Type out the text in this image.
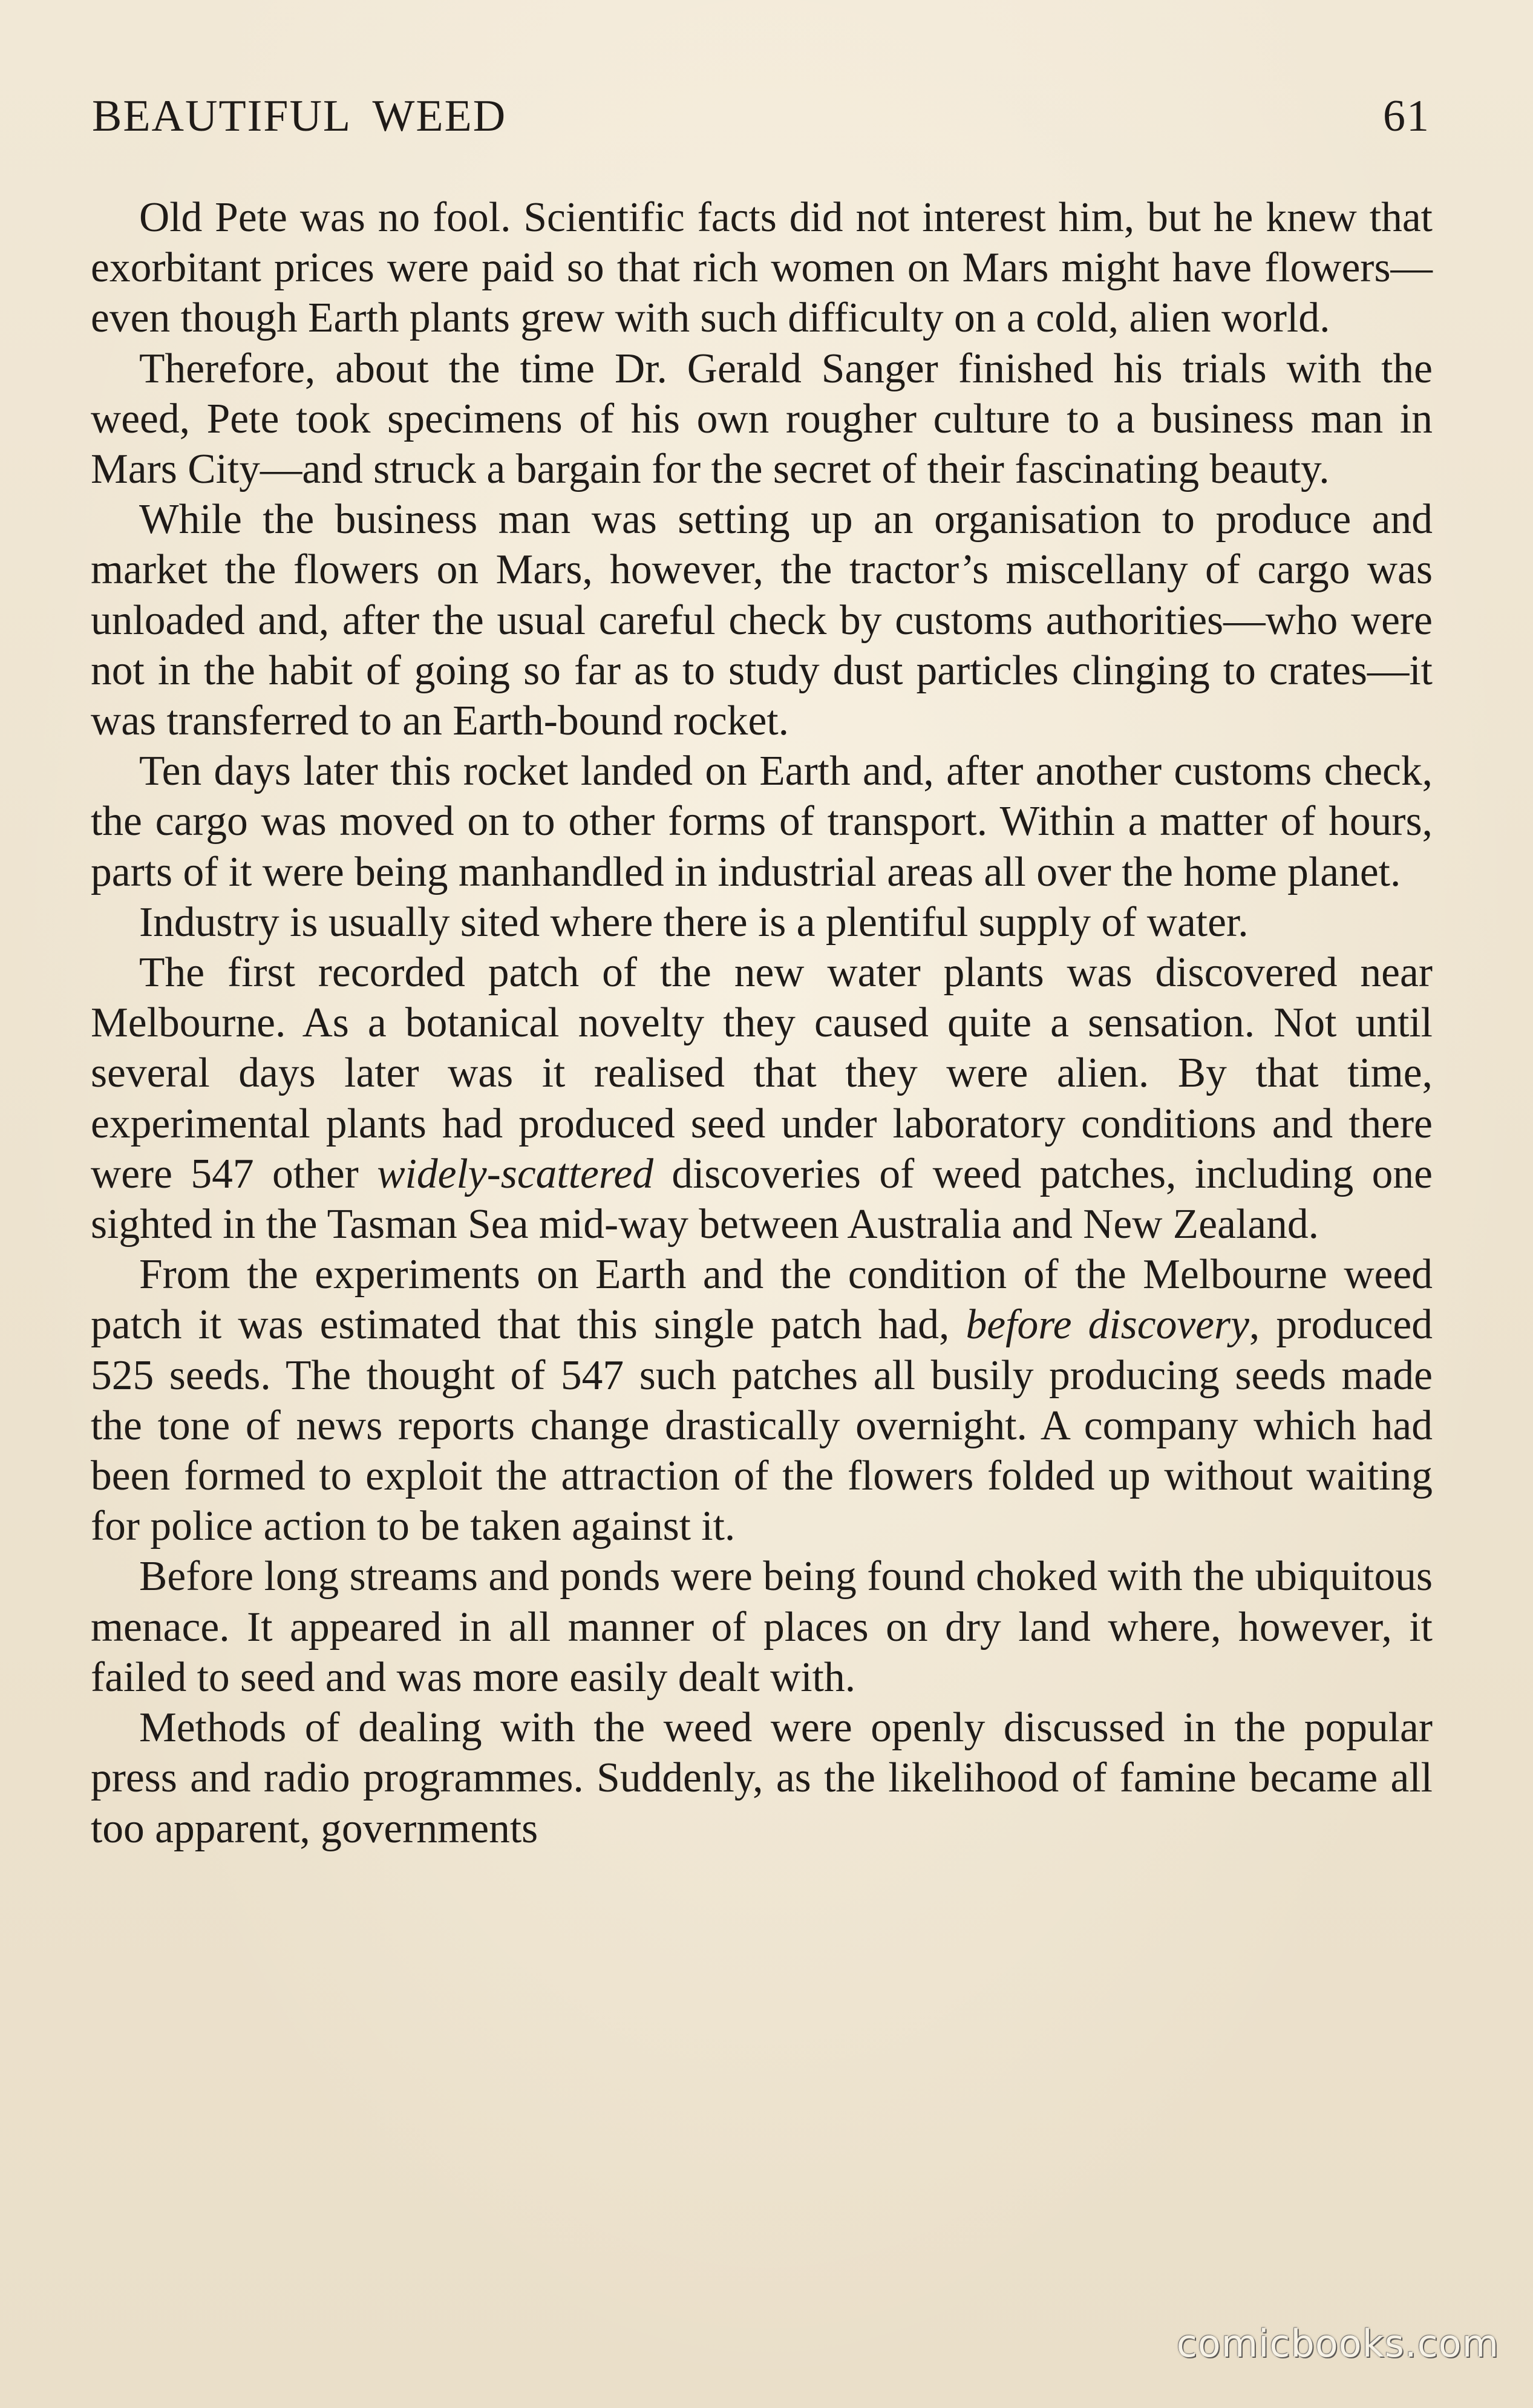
BEAUTIFUL WEED	61

Old Pete was no fool. Scientific facts did not interest him, but he knew that exorbitant prices were paid so that rich women on Mars might have flowers—even though Earth plants grew with such difficulty on a cold, alien world.

Therefore, about the time Dr. Gerald Sanger finished his trials with the weed, Pete took specimens of his own rougher culture to a business man in Mars City—and struck a bargain for the secret of their fascinating beauty.

While the business man was setting up an organisation to produce and market the flowers on Mars, however, the tractor’s miscellany of cargo was unloaded and, after the usual careful check by customs authorities—who were not in the habit of going so far as to study dust particles clinging to crates—it was transferred to an Earth-bound rocket.

Ten days later this rocket landed on Earth and, after another customs check, the cargo was moved on to other forms of transport. Within a matter of hours, parts of it were being manhandled in industrial areas all over the home planet.

Industry is usually sited where there is a plentiful supply of water.

The first recorded patch of the new water plants was discovered near Melbourne. As a botanical novelty they caused quite a sensation. Not until several days later was it realised that they were alien. By that time, experimental plants had produced seed under laboratory conditions and there were 547 other widely-scattered discoveries of weed patches, including one sighted in the Tasman Sea mid-way between Australia and New Zealand.

From the experiments on Earth and the condition of the Melbourne weed patch it was estimated that this single patch had, before discovery, produced 525 seeds. The thought of 547 such patches all busily producing seeds made the tone of news reports change drastically overnight. A company which had been formed to exploit the attraction of the flowers folded up without waiting for police action to be taken against it.

Before long streams and ponds were being found choked with the ubiquitous menace. It appeared in all manner of places on dry land where, however, it failed to seed and was more easily dealt with.

Methods of dealing with the weed were openly discussed in the popular press and radio programmes. Suddenly, as the likelihood of famine became all too apparent, governments

comicbooks.com
